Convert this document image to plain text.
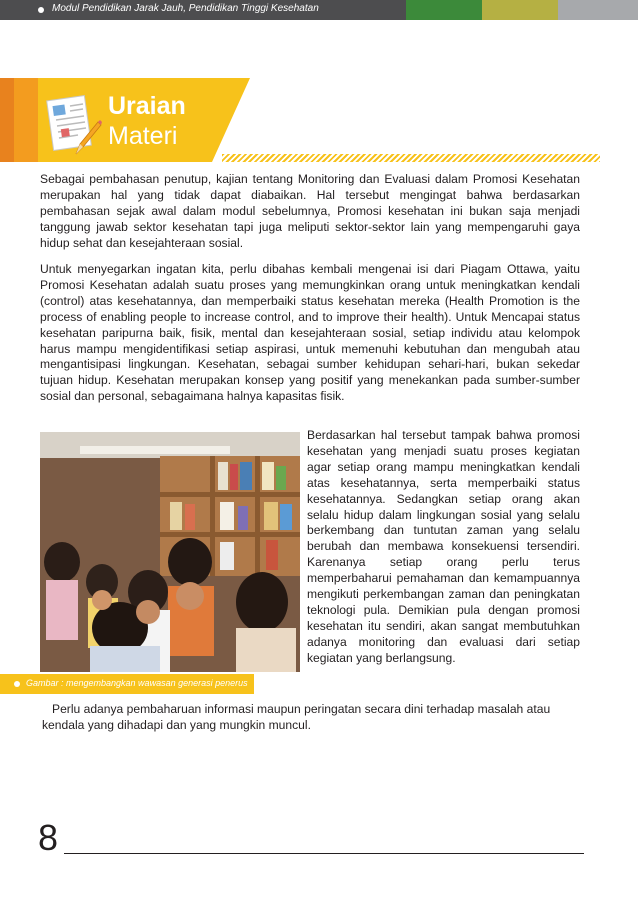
Modul Pendidikan Jarak Jauh, Pendidikan Tinggi Kesehatan
Uraian
Materi

Sebagai pembahasan penutup, kajian tentang Monitoring dan Evaluasi dalam Promosi Kesehatan merupakan hal yang tidak dapat diabaikan. Hal tersebut mengingat bahwa berdasarkan pembahasan sejak awal dalam modul sebelumnya, Promosi kesehatan ini bukan saja menjadi tanggung jawab sektor kesehatan tapi juga meliputi sektor-sektor lain yang mempengaruhi gaya hidup sehat dan kesejahteraan sosial.

Untuk menyegarkan ingatan kita, perlu dibahas kembali mengenai isi dari Piagam Ottawa, yaitu Promosi Kesehatan adalah suatu proses yang memungkinkan orang untuk meningkatkan kendali (control) atas kesehatannya, dan memperbaiki status kesehatan mereka (Health Promotion is the process of enabling people to increase control, and to improve their health). Untuk Mencapai status kesehatan paripurna baik, fisik, mental dan kesejahteraan sosial, setiap individu atau kelompok harus mampu mengidentifikasi setiap aspirasi, untuk memenuhi kebutuhan dan mengubah atau mengantisipasi lingkungan. Kesehatan, sebagai sumber kehidupan sehari-hari, bukan sekedar tujuan hidup. Kesehatan merupakan konsep yang positif yang menekankan pada sumber-sumber sosial dan personal, sebagaimana halnya kapasitas fisik.

Gambar : mengembangkan wawasan generasi penerus

Berdasarkan hal tersebut tampak bahwa promosi kesehatan yang menjadi suatu proses kegiatan agar setiap orang mampu meningkatkan kendali atas kesehatannya, serta memperbaiki status kesehatannya. Sedangkan setiap orang akan selalu hidup dalam lingkungan sosial yang selalu berkembang dan tuntutan zaman yang selalu berubah dan membawa konsekuensi tersendiri. Karenanya setiap orang perlu terus memperbaharui pemahaman dan kemampuannya mengikuti perkembangan zaman dan peningkatan teknologi pula. Demikian pula dengan promosi kesehatan itu sendiri, akan sangat membutuhkan adanya monitoring dan evaluasi dari setiap kegiatan yang berlangsung.

Perlu adanya pembaharuan informasi maupun peringatan secara dini terhadap masalah atau kendala yang dihadapi dan yang mungkin muncul.

8
